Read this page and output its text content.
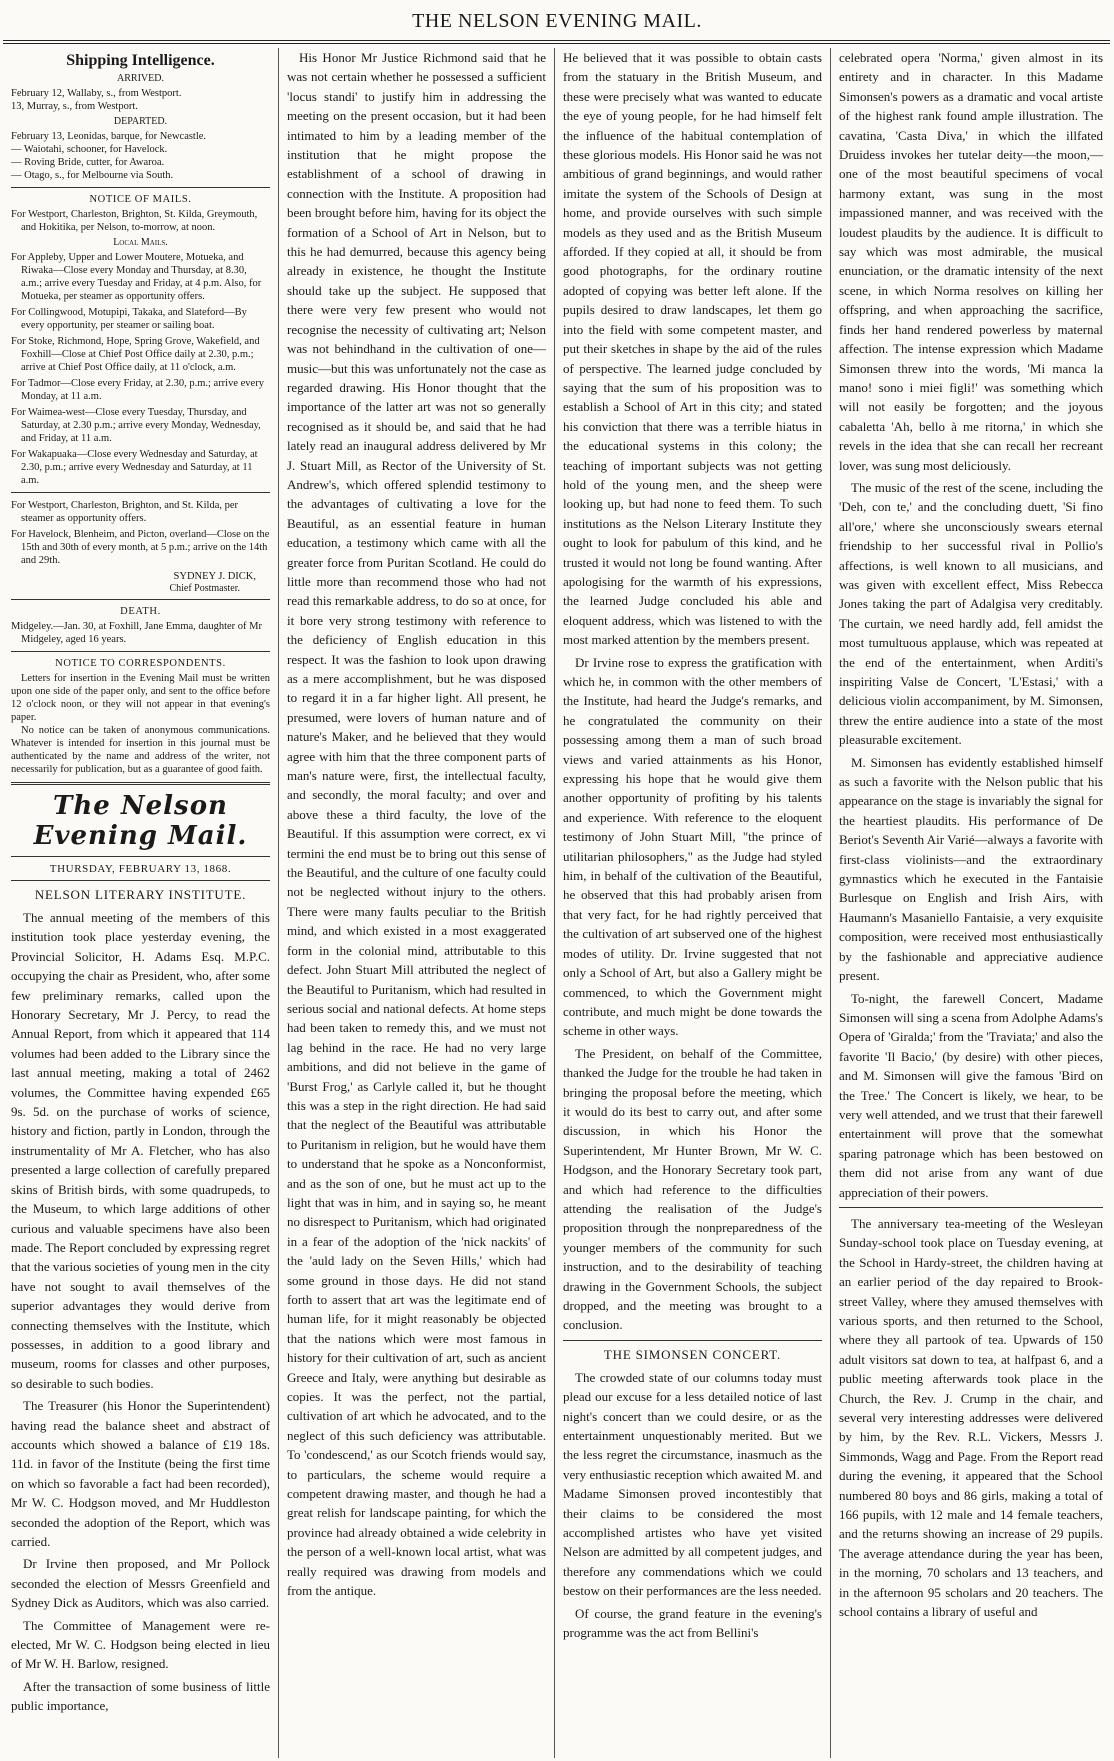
THE NELSON EVENING MAIL.
Shipping Intelligence.
ARRIVED.
February 12, Wallaby, s., from Westport.
13, Murray, s., from Westport.
DEPARTED.
February 13, Leonidas, barque, for Newcastle.
— Waiotahi, schooner, for Havelock.
— Roving Bride, cutter, for Awaroa.
— Otago, s., for Melbourne via South.
NOTICE OF MAILS.
For Westport, Charleston, Brighton, St. Kilda, Greymouth, and Hokitika, per Nelson, to-morrow, at noon.
Local Mails.
For Appleby, Upper and Lower Moutere, Motueka, and Riwaka—Close every Monday and Thursday, at 8.30, a.m.; arrive every Tuesday and Friday, at 4 p.m. Also, for Motueka, per steamer as opportunity offers.
For Collingwood, Motupipi, Takaka, and Slateford—By every opportunity, per steamer or sailing boat.
For Stoke, Richmond, Hope, Spring Grove, Wakefield, and Foxhill—Close at Chief Post Office daily at 2.30, p.m.; arrive at Chief Post Office daily, at 11 o'clock, a.m.
For Tadmor—Close every Friday, at 2.30, p.m.; arrive every Monday, at 11 a.m.
For Waimea-west—Close every Tuesday, Thursday, and Saturday, at 2.30 p.m.; arrive every Monday, Wednesday, and Friday, at 11 a.m.
For Wakapuaka—Close every Wednesday and Saturday, at 2.30, p.m.; arrive every Wednesday and Saturday, at 11 a.m.
For Westport, Charleston, Brighton, and St. Kilda, per steamer as opportunity offers.
For Havelock, Blenheim, and Picton, overland—Close on the 15th and 30th of every month, at 5 p.m.; arrive on the 14th and 29th.
SYDNEY J. DICK,
Chief Postmaster.
DEATH.
Midgeley.—Jan. 30, at Foxhill, Jane Emma, daughter of Mr Midgeley, aged 16 years.
NOTICE TO CORRESPONDENTS.
Letters for insertion in the Evening Mail must be written upon one side of the paper only, and sent to the office before 12 o'clock noon, or they will not appear in that evening's paper.
No notice can be taken of anonymous communications. Whatever is intended for insertion in this journal must be authenticated by the name and address of the writer, not necessarily for publication, but as a guarantee of good faith.
The Nelson Evening Mail.
THURSDAY, FEBRUARY 13, 1868.
NELSON LITERARY INSTITUTE.

The annual meeting of the members of this institution took place yesterday evening, the Provincial Solicitor, H. Adams Esq. M.P.C. occupying the chair as President, who, after some few preliminary remarks, called upon the Honorary Secretary, Mr J. Percy, to read the Annual Report, from which it appeared that 114 volumes had been added to the Library since the last annual meeting, making a total of 2462 volumes, the Committee having expended £65 9s. 5d. on the purchase of works of science, history and fiction, partly in London, through the instrumentality of Mr A. Fletcher, who has also presented a large collection of carefully prepared skins of British birds, with some quadrupeds, to the Museum, to which large additions of other curious and valuable specimens have also been made. The Report concluded by expressing regret that the various societies of young men in the city have not sought to avail themselves of the superior advantages they would derive from connecting themselves with the Institute, which possesses, in addition to a good library and museum, rooms for classes and other purposes, so desirable to such bodies.

The Treasurer (his Honor the Superintendent) having read the balance sheet and abstract of accounts which showed a balance of £19 18s. 11d. in favor of the Institute (being the first time on which so favorable a fact had been recorded), Mr W. C. Hodgson moved, and Mr Huddleston seconded the adoption of the Report, which was carried.

Dr Irvine then proposed, and Mr Pollock seconded the election of Messrs Greenfield and Sydney Dick as Auditors, which was also carried.

The Committee of Management were re-elected, Mr W. C. Hodgson being elected in lieu of Mr W. H. Barlow, resigned.

After the transaction of some business of little public importance,

His Honor Mr Justice Richmond said that he was not certain whether he possessed a sufficient 'locus standi' to justify him in addressing the meeting on the present occasion, but it had been intimated to him by a leading member of the institution that he might propose the establishment of a school of drawing in connection with the Institute. A proposition had been brought before him, having for its object the formation of a School of Art in Nelson, but to this he had demurred, because this agency being already in existence, he thought the Institute should take up the subject. He supposed that there were very few present who would not recognise the necessity of cultivating art; Nelson was not behindhand in the cultivation of one—music—but this was unfortunately not the case as regarded drawing. His Honor thought that the importance of the latter art was not so generally recognised as it should be, and said that he had lately read an inaugural address delivered by Mr J. Stuart Mill, as Rector of the University of St. Andrew's, which offered splendid testimony to the advantages of cultivating a love for the Beautiful, as an essential feature in human education, a testimony which came with all the greater force from Puritan Scotland. He could do little more than recommend those who had not read this remarkable address, to do so at once, for it bore very strong testimony with reference to the deficiency of English education in this respect. It was the fashion to look upon drawing as a mere accomplishment, but he was disposed to regard it in a far higher light. All present, he presumed, were lovers of human nature and of nature's Maker, and he believed that they would agree with him that the three component parts of man's nature were, first, the intellectual faculty, and secondly, the moral faculty; and over and above these a third faculty, the love of the Beautiful. If this assumption were correct, ex vi termini the end must be to bring out this sense of the Beautiful, and the culture of one faculty could not be neglected without injury to the others. There were many faults peculiar to the British mind, and which existed in a most exaggerated form in the colonial mind, attributable to this defect. John Stuart Mill attributed the neglect of the Beautiful to Puritanism, which had resulted in serious social and national defects. At home steps had been taken to remedy this, and we must not lag behind in the race. He had no very large ambitions, and did not believe in the game of 'Burst Frog,' as Carlyle called it, but he thought this was a step in the right direction. He had said that the neglect of the Beautiful was attributable to Puritanism in religion, but he would have them to understand that he spoke as a Nonconformist, and as the son of one, but he must act up to the light that was in him, and in saying so, he meant no disrespect to Puritanism, which had originated in a fear of the adoption of the 'nick nackits' of the 'auld lady on the Seven Hills,' which had some ground in those days. He did not stand forth to assert that art was the legitimate end of human life, for it might reasonably be objected that the nations which were most famous in history for their cultivation of art, such as ancient Greece and Italy, were anything but desirable as copies. It was the perfect, not the partial, cultivation of art which he advocated, and to the neglect of this such deficiency was attributable. To 'condescend,' as our Scotch friends would say, to particulars, the scheme would require a competent drawing master, and though he had a great relish for landscape painting, for which the province had already obtained a wide celebrity in the person of a well-known local artist, what was really required was drawing from models and from the antique.

He believed that it was possible to obtain casts from the statuary in the British Museum, and these were precisely what was wanted to educate the eye of young people, for he had himself felt the influence of the habitual contemplation of these glorious models. His Honor said he was not ambitious of grand beginnings, and would rather imitate the system of the Schools of Design at home, and provide ourselves with such simple models as they used and as the British Museum afforded. If they copied at all, it should be from good photographs, for the ordinary routine adopted of copying was better left alone. If the pupils desired to draw landscapes, let them go into the field with some competent master, and put their sketches in shape by the aid of the rules of perspective. The learned judge concluded by saying that the sum of his proposition was to establish a School of Art in this city; and stated his conviction that there was a terrible hiatus in the educational systems in this colony; the teaching of important subjects was not getting hold of the young men, and the sheep were looking up, but had none to feed them. To such institutions as the Nelson Literary Institute they ought to look for pabulum of this kind, and he trusted it would not long be found wanting. After apologising for the warmth of his expressions, the learned Judge concluded his able and eloquent address, which was listened to with the most marked attention by the members present.

Dr Irvine rose to express the gratification with which he, in common with the other members of the Institute, had heard the Judge's remarks, and he congratulated the community on their possessing among them a man of such broad views and varied attainments as his Honor, expressing his hope that he would give them another opportunity of profiting by his talents and experience. With reference to the eloquent testimony of John Stuart Mill, "the prince of utilitarian philosophers," as the Judge had styled him, in behalf of the cultivation of the Beautiful, he observed that this had probably arisen from that very fact, for he had rightly perceived that the cultivation of art subserved one of the highest modes of utility. Dr. Irvine suggested that not only a School of Art, but also a Gallery might be commenced, to which the Government might contribute, and much might be done towards the scheme in other ways.

The President, on behalf of the Committee, thanked the Judge for the trouble he had taken in bringing the proposal before the meeting, which it would do its best to carry out, and after some discussion, in which his Honor the Superintendent, Mr Hunter Brown, Mr W. C. Hodgson, and the Honorary Secretary took part, and which had reference to the difficulties attending the realisation of the Judge's proposition through the nonpreparedness of the younger members of the community for such instruction, and to the desirability of teaching drawing in the Government Schools, the subject dropped, and the meeting was brought to a conclusion.

THE SIMONSEN CONCERT.

The crowded state of our columns today must plead our excuse for a less detailed notice of last night's concert than we could desire, or as the entertainment unquestionably merited. But we the less regret the circumstance, inasmuch as the very enthusiastic reception which awaited M. and Madame Simonsen proved incontestibly that their claims to be considered the most accomplished artistes who have yet visited Nelson are admitted by all competent judges, and therefore any commendations which we could bestow on their performances are the less needed.

Of course, the grand feature in the evening's programme was the act from Bellini's

celebrated opera 'Norma,' given almost in its entirety and in character. In this Madame Simonsen's powers as a dramatic and vocal artiste of the highest rank found ample illustration. The cavatina, 'Casta Diva,' in which the illfated Druidess invokes her tutelar deity—the moon,—one of the most beautiful specimens of vocal harmony extant, was sung in the most impassioned manner, and was received with the loudest plaudits by the audience. It is difficult to say which was most admirable, the musical enunciation, or the dramatic intensity of the next scene, in which Norma resolves on killing her offspring, and when approaching the sacrifice, finds her hand rendered powerless by maternal affection. The intense expression which Madame Simonsen threw into the words, 'Mi manca la mano! sono i miei figli!' was something which will not easily be forgotten; and the joyous cabaletta 'Ah, bello à me ritorna,' in which she revels in the idea that she can recall her recreant lover, was sung most deliciously.

The music of the rest of the scene, including the 'Deh, con te,' and the concluding duett, 'Si fino all'ore,' where she unconsciously swears eternal friendship to her successful rival in Pollio's affections, is well known to all musicians, and was given with excellent effect, Miss Rebecca Jones taking the part of Adalgisa very creditably. The curtain, we need hardly add, fell amidst the most tumultuous applause, which was repeated at the end of the entertainment, when Arditi's inspiriting Valse de Concert, 'L'Estasi,' with a delicious violin accompaniment, by M. Simonsen, threw the entire audience into a state of the most pleasurable excitement.

M. Simonsen has evidently established himself as such a favorite with the Nelson public that his appearance on the stage is invariably the signal for the heartiest plaudits. His performance of De Beriot's Seventh Air Varié—always a favorite with first-class violinists—and the extraordinary gymnastics which he executed in the Fantaisie Burlesque on English and Irish Airs, with Haumann's Masaniello Fantaisie, a very exquisite composition, were received most enthusiastically by the fashionable and appreciative audience present.

To-night, the farewell Concert, Madame Simonsen will sing a scena from Adolphe Adams's Opera of 'Giralda;' from the 'Traviata;' and also the favorite 'Il Bacio,' (by desire) with other pieces, and M. Simonsen will give the famous 'Bird on the Tree.' The Concert is likely, we hear, to be very well attended, and we trust that their farewell entertainment will prove that the somewhat sparing patronage which has been bestowed on them did not arise from any want of due appreciation of their powers.

The anniversary tea-meeting of the Wesleyan Sunday-school took place on Tuesday evening, at the School in Hardy-street, the children having at an earlier period of the day repaired to Brook-street Valley, where they amused themselves with various sports, and then returned to the School, where they all partook of tea. Upwards of 150 adult visitors sat down to tea, at halfpast 6, and a public meeting afterwards took place in the Church, the Rev. J. Crump in the chair, and several very interesting addresses were delivered by him, by the Rev. R.L. Vickers, Messrs J. Simmonds, Wagg and Page. From the Report read during the evening, it appeared that the School numbered 80 boys and 86 girls, making a total of 166 pupils, with 12 male and 14 female teachers, and the returns showing an increase of 29 pupils. The average attendance during the year has been, in the morning, 70 scholars and 13 teachers, and in the afternoon 95 scholars and 20 teachers. The school contains a library of useful and
